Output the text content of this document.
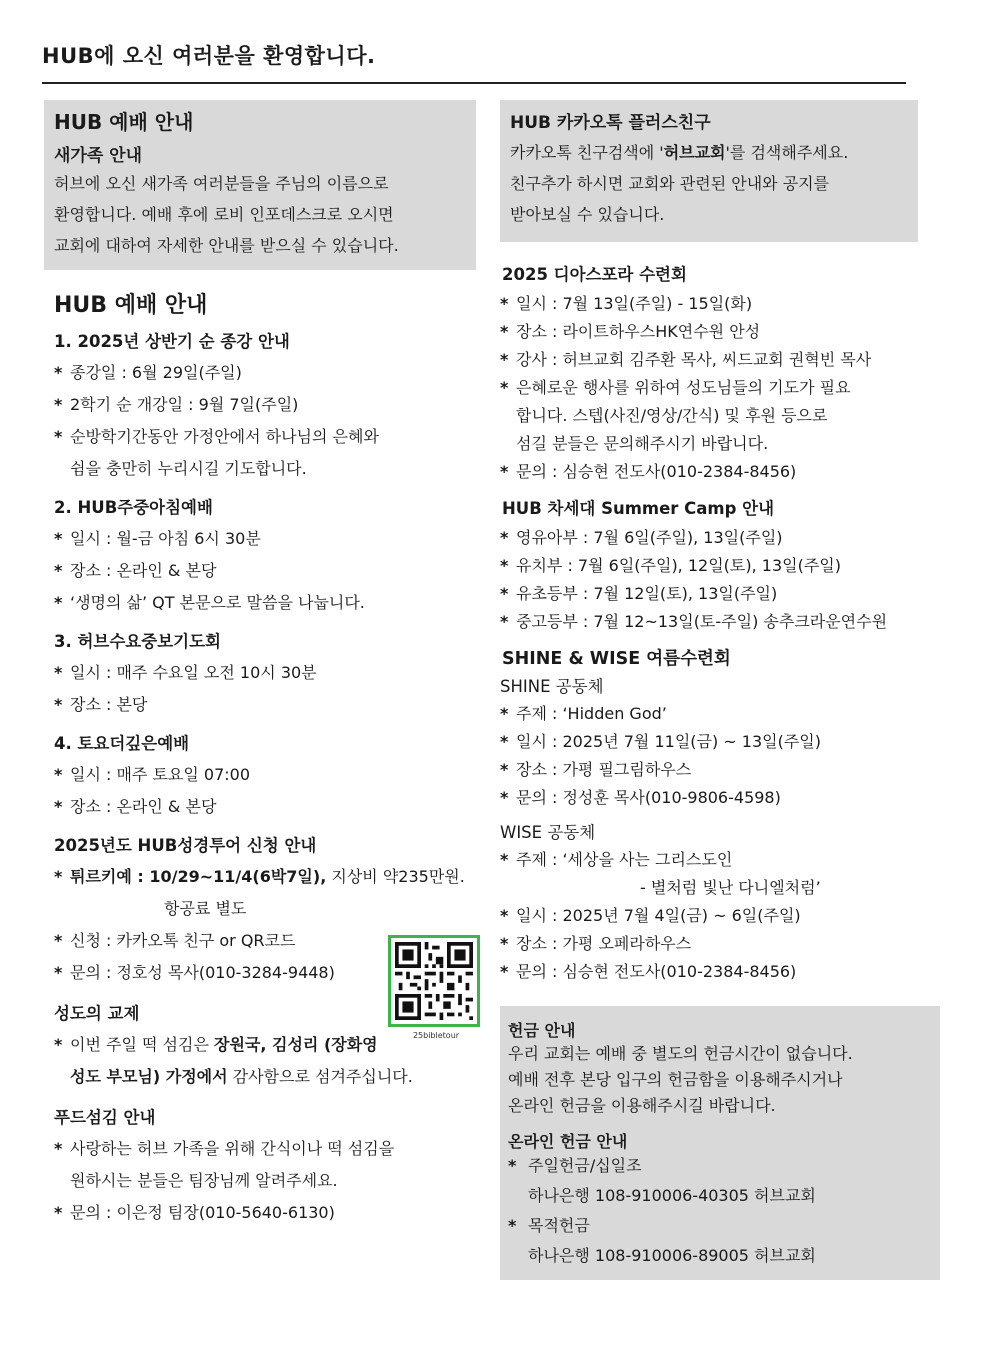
HUB에 오신 여러분을 환영합니다.
HUB 예배 안내
새가족 안내
허브에 오신 새가족 여러분들을 주님의 이름으로
환영합니다. 예배 후에 로비 인포데스크로 오시면
교회에 대하여 자세한 안내를 받으실 수 있습니다.
HUB 예배 안내
1. 2025년 상반기 순 종강 안내
* 종강일 : 6월 29일(주일)
* 2학기 순 개강일 : 9월 7일(주일)
* 순방학기간동안 가정안에서 하나님의 은혜와
쉼을 충만히 누리시길 기도합니다.
2. HUB주중아침예배
* 일시 : 월-금 아침 6시 30분
* 장소 : 온라인 & 본당
* ‘생명의 삶’ QT 본문으로 말씀을 나눕니다.
3. 허브수요중보기도회
* 일시 : 매주 수요일 오전 10시 30분
* 장소 : 본당
4. 토요더깊은예배
* 일시 : 매주 토요일 07:00
* 장소 : 온라인 & 본당
2025년도 HUB성경투어 신청 안내
* 튀르키예 : 10/29~11/4(6박7일), 지상비 약235만원.
항공료 별도
* 신청 : 카카오톡 친구 or QR코드
* 문의 : 정호성 목사(010-3284-9448)
성도의 교제
* 이번 주일 떡 섬김은 장원국, 김성리 (장화영
성도 부모님) 가정에서 감사함으로 섬겨주십니다.
푸드섬김 안내
* 사랑하는 허브 가족을 위해 간식이나 떡 섬김을
원하시는 분들은 팀장님께 알려주세요.
* 문의 : 이은정 팀장(010-5640-6130)
25bibletour
HUB 카카오톡 플러스친구
카카오톡 친구검색에 '허브교회'를 검색해주세요.
친구추가 하시면 교회와 관련된 안내와 공지를
받아보실 수 있습니다.
2025 디아스포라 수련회
* 일시 : 7월 13일(주일) - 15일(화)
* 장소 : 라이트하우스HK연수원 안성
* 강사 : 허브교회 김주환 목사, 씨드교회 권혁빈 목사
* 은혜로운 행사를 위하여 성도님들의 기도가 필요
합니다. 스텝(사진/영상/간식) 및 후원 등으로
섬길 분들은 문의해주시기 바랍니다.
* 문의 : 심승현 전도사(010-2384-8456)
HUB 차세대 Summer Camp 안내
* 영유아부 : 7월 6일(주일), 13일(주일)
* 유치부 : 7월 6일(주일), 12일(토), 13일(주일)
* 유초등부 : 7월 12일(토), 13일(주일)
* 중고등부 : 7월 12~13일(토-주일) 송추크라운연수원
SHINE & WISE 여름수련회
SHINE 공동체
* 주제 : ‘Hidden God’
* 일시 : 2025년 7월 11일(금) ~ 13일(주일)
* 장소 : 가평 필그림하우스
* 문의 : 정성훈 목사(010-9806-4598)
WISE 공동체
* 주제 : ‘세상을 사는 그리스도인
- 별처럼 빛난 다니엘처럼’
* 일시 : 2025년 7월 4일(금) ~ 6일(주일)
* 장소 : 가평 오페라하우스
* 문의 : 심승현 전도사(010-2384-8456)
헌금 안내
우리 교회는 예배 중 별도의 헌금시간이 없습니다.
예배 전후 본당 입구의 헌금함을 이용해주시거나
온라인 헌금을 이용해주시길 바랍니다.
온라인 헌금 안내
* 주일헌금/십일조
하나은행 108-910006-40305 허브교회
* 목적헌금
하나은행 108-910006-89005 허브교회
